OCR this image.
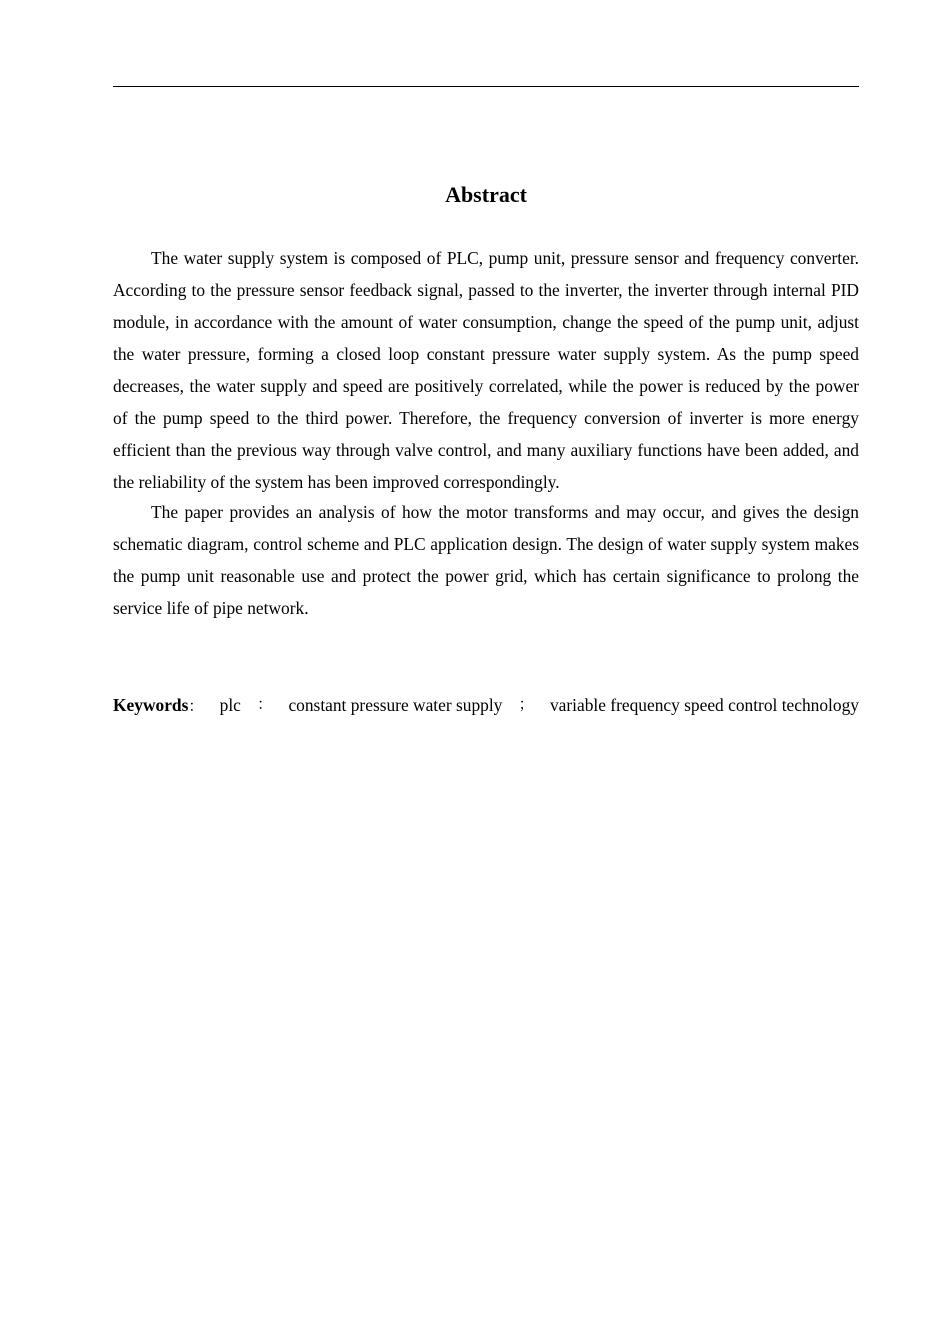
Abstract

The water supply system is composed of PLC, pump unit, pressure sensor and frequency converter. According to the pressure sensor feedback signal, passed to the inverter, the inverter through internal PID module, in accordance with the amount of water consumption, change the speed of the pump unit, adjust the water pressure, forming a closed loop constant pressure water supply system. As the pump speed decreases, the water supply and speed are positively correlated, while the power is reduced by the power of the pump speed to the third power. Therefore, the frequency conversion of inverter is more energy efficient than the previous way through valve control, and many auxiliary functions have been added, and the reliability of the system has been improved correspondingly.

The paper provides an analysis of how the motor transforms and may occur, and gives the design schematic diagram, control scheme and PLC application design. The design of water supply system makes the pump unit reasonable use and protect the power grid, which has certain significance to prolong the service life of pipe network.

Keywords： plc ： constant pressure water supply ； variable frequency speed control technology
